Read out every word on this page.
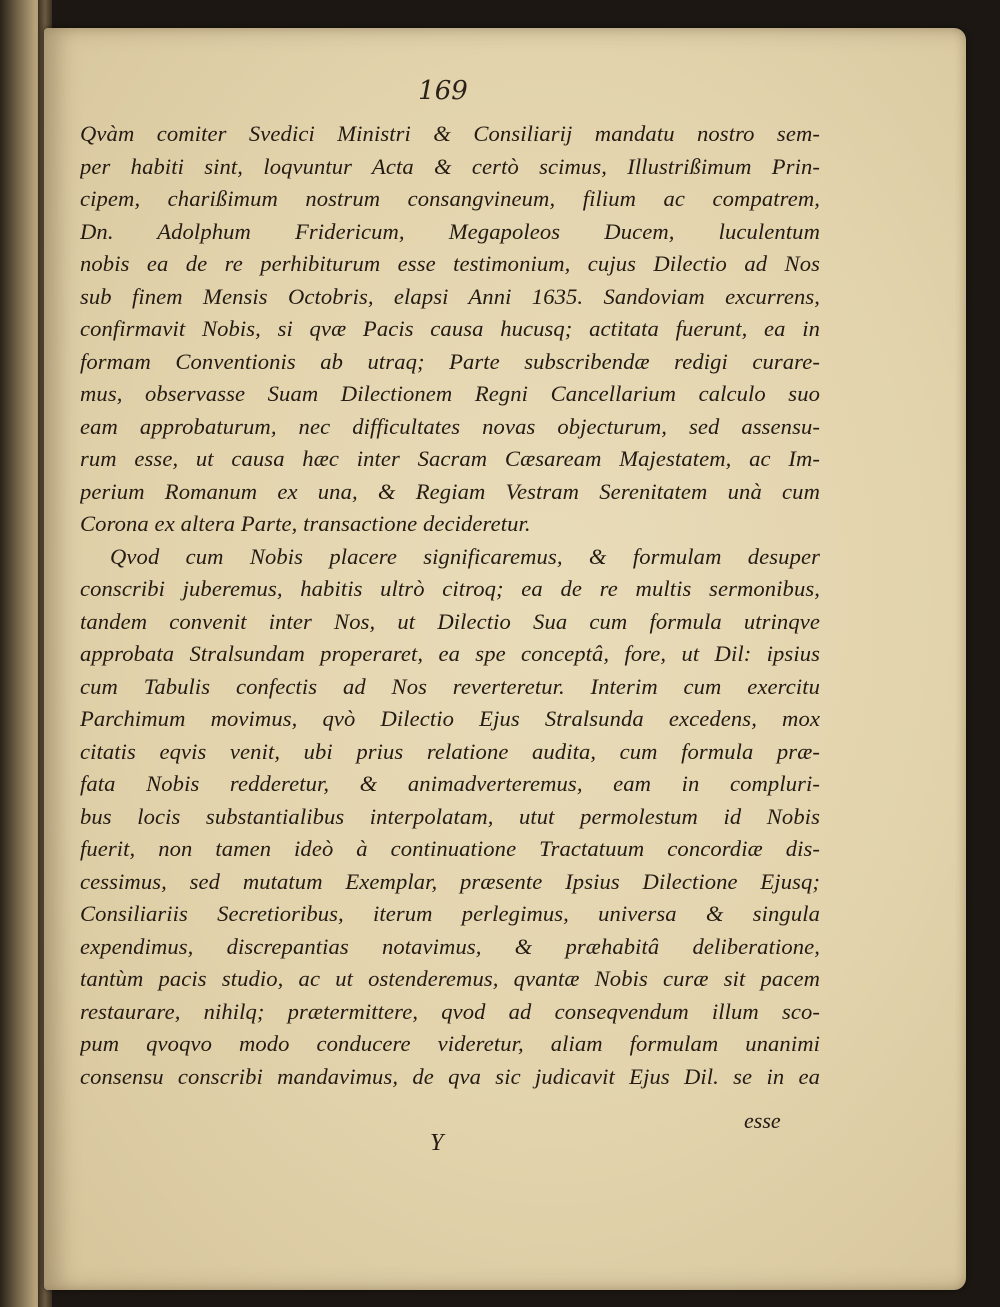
169
Qvàm comiter Svedici Ministri & Consiliarij mandatu nostro sem-
per habiti sint, loqvuntur Acta & certò scimus, Illustrißimum Prin-
cipem, charißimum nostrum consangvineum, filium ac compatrem,
Dn. Adolphum Fridericum, Megapoleos Ducem, luculentum
nobis ea de re perhibiturum esse testimonium, cujus Dilectio ad Nos
sub finem Mensis Octobris, elapsi Anni 1635. Sandoviam excurrens,
confirmavit Nobis, si qvæ Pacis causa hucusq; actitata fuerunt, ea in
formam Conventionis ab utraq; Parte subscribendæ redigi curare-
mus, observasse Suam Dilectionem Regni Cancellarium calculo suo
eam approbaturum, nec difficultates novas objecturum, sed assensu-
rum esse, ut causa hæc inter Sacram Cæsaream Majestatem, ac Im-
perium Romanum ex una, & Regiam Vestram Serenitatem unà cum
Corona ex altera Parte, transactione decideretur.
Qvod cum Nobis placere significaremus, & formulam desuper
conscribi juberemus, habitis ultrò citroq; ea de re multis sermonibus,
tandem convenit inter Nos, ut Dilectio Sua cum formula utrinqve
approbata Stralsundam properaret, ea spe conceptâ, fore, ut Dil: ipsius
cum Tabulis confectis ad Nos reverteretur. Interim cum exercitu
Parchimum movimus, qvò Dilectio Ejus Stralsunda excedens, mox
citatis eqvis venit, ubi prius relatione audita, cum formula præ-
fata Nobis redderetur, & animadverteremus, eam in compluri-
bus locis substantialibus interpolatam, utut permolestum id Nobis
fuerit, non tamen ideò à continuatione Tractatuum concordiæ dis-
cessimus, sed mutatum Exemplar, præsente Ipsius Dilectione Ejusq;
Consiliariis Secretioribus, iterum perlegimus, universa & singula
expendimus, discrepantias notavimus, & præhabitâ deliberatione,
tantùm pacis studio, ac ut ostenderemus, qvantæ Nobis curæ sit pacem
restaurare, nihilq; prætermittere, qvod ad conseqvendum illum sco-
pum qvoqvo modo conducere videretur, aliam formulam unanimi
consensu conscribi mandavimus, de qva sic judicavit Ejus Dil. se in ea
esse
Y
